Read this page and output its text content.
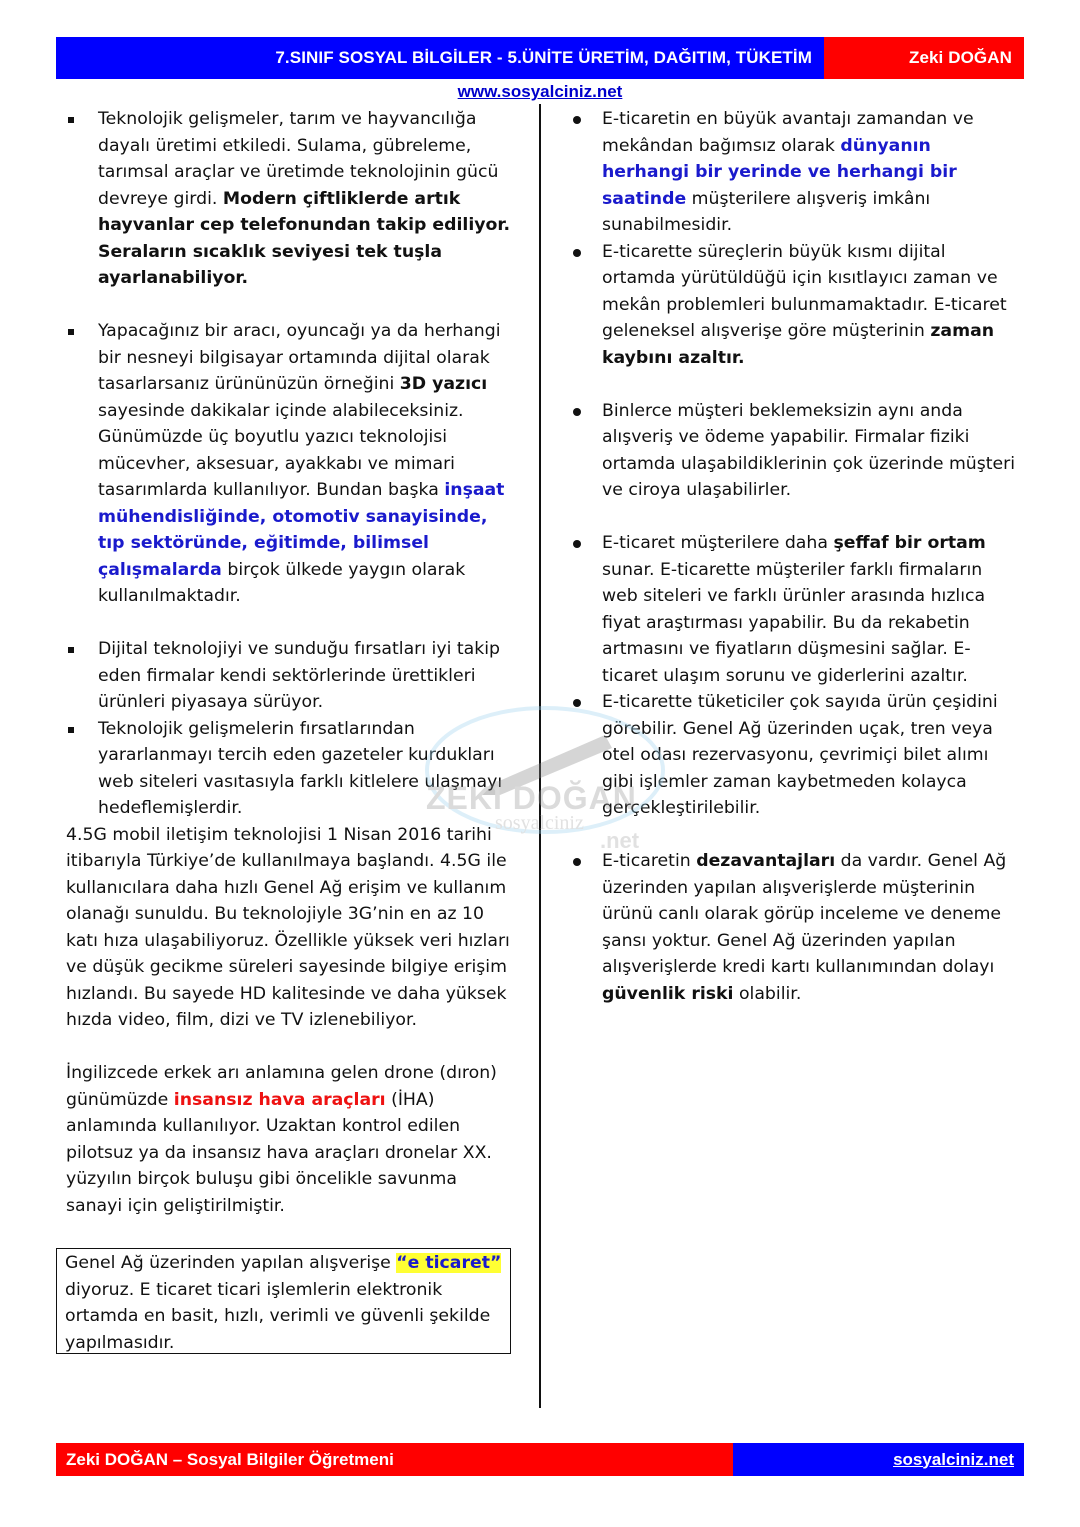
7.SINIF SOSYAL BİLGİLER - 5.ÜNİTE ÜRETİM, DAĞITIM, TÜKETİM	Zeki DOĞAN
www.sosyalciniz.net
Teknolojik gelişmeler, tarım ve hayvancılığa dayalı üretimi etkiledi. Sulama, gübreleme, tarımsal araçlar ve üretimde teknolojinin gücü devreye girdi. Modern çiftliklerde artık hayvanlar cep telefonundan takip ediliyor. Seraların sıcaklık seviyesi tek tuşla ayarlanabiliyor.
Yapacağınız bir aracı, oyuncağı ya da herhangi bir nesneyi bilgisayar ortamında dijital olarak tasarlarsanız ürününüzün örneğini 3D yazıcı sayesinde dakikalar içinde alabileceksiniz. Günümüzde üç boyutlu yazıcı teknolojisi mücevher, aksesuar, ayakkabı ve mimari tasarımlarda kullanılıyor. Bundan başka inşaat mühendisliğinde, otomotiv sanayisinde, tıp sektöründe, eğitimde, bilimsel çalışmalarda birçok ülkede yaygın olarak kullanılmaktadır.
Dijital teknolojiyi ve sunduğu fırsatları iyi takip eden firmalar kendi sektörlerinde ürettikleri ürünleri piyasaya sürüyor.
Teknolojik gelişmelerin fırsatlarından yararlanmayı tercih eden gazeteler kurdukları web siteleri vasıtasıyla farklı kitlelere ulaşmayı hedeflemişlerdir.
4.5G mobil iletişim teknolojisi 1 Nisan 2016 tarihi itibarıyla Türkiye’de kullanılmaya başlandı. 4.5G ile kullanıcılara daha hızlı Genel Ağ erişim ve kullanım olanağı sunuldu. Bu teknolojiyle 3G’nin en az 10 katı hıza ulaşabiliyoruz. Özellikle yüksek veri hızları ve düşük gecikme süreleri sayesinde bilgiye erişim hızlandı. Bu sayede HD kalitesinde ve daha yüksek hızda video, film, dizi ve TV izlenebiliyor.
İngilizcede erkek arı anlamına gelen drone (dıron) günümüzde insansız hava araçları (İHA) anlamında kullanılıyor. Uzaktan kontrol edilen pilotsuz ya da insansız hava araçları dronelar XX. yüzyılın birçok buluşu gibi öncelikle savunma sanayi için geliştirilmiştir.
Genel Ağ üzerinden yapılan alışverişe “e ticaret” diyoruz. E ticaret ticari işlemlerin elektronik ortamda en basit, hızlı, verimli ve güvenli şekilde yapılmasıdır.
E-ticaretin en büyük avantajı zamandan ve mekândan bağımsız olarak dünyanın herhangi bir yerinde ve herhangi bir saatinde müşterilere alışveriş imkânı sunabilmesidir.
E-ticarette süreçlerin büyük kısmı dijital ortamda yürütüldüğü için kısıtlayıcı zaman ve mekân problemleri bulunmamaktadır. E-ticaret geleneksel alışverişe göre müşterinin zaman kaybını azaltır.
Binlerce müşteri beklemeksizin aynı anda alışveriş ve ödeme yapabilir. Firmalar fiziki ortamda ulaşabildiklerinin çok üzerinde müşteri ve ciroya ulaşabilirler.
E-ticaret müşterilere daha şeffaf bir ortam sunar. E-ticarette müşteriler farklı firmaların web siteleri ve farklı ürünler arasında hızlıca fiyat araştırması yapabilir. Bu da rekabetin artmasını ve fiyatların düşmesini sağlar. E-ticaret ulaşım sorunu ve giderlerini azaltır.
E-ticarette tüketiciler çok sayıda ürün çeşidini görebilir. Genel Ağ üzerinden uçak, tren veya otel odası rezervasyonu, çevrimiçi bilet alımı gibi işlemler zaman kaybetmeden kolayca gerçekleştirilebilir.
E-ticaretin dezavantajları da vardır. Genel Ağ üzerinden yapılan alışverişlerde müşterinin ürünü canlı olarak görüp inceleme ve deneme şansı yoktur. Genel Ağ üzerinden yapılan alışverişlerde kredi kartı kullanımından dolayı güvenlik riski olabilir.
ZEKİ DOĞAN
sosyalciniz
.net
Zeki DOĞAN – Sosyal Bilgiler Öğretmeni	sosyalciniz.net
